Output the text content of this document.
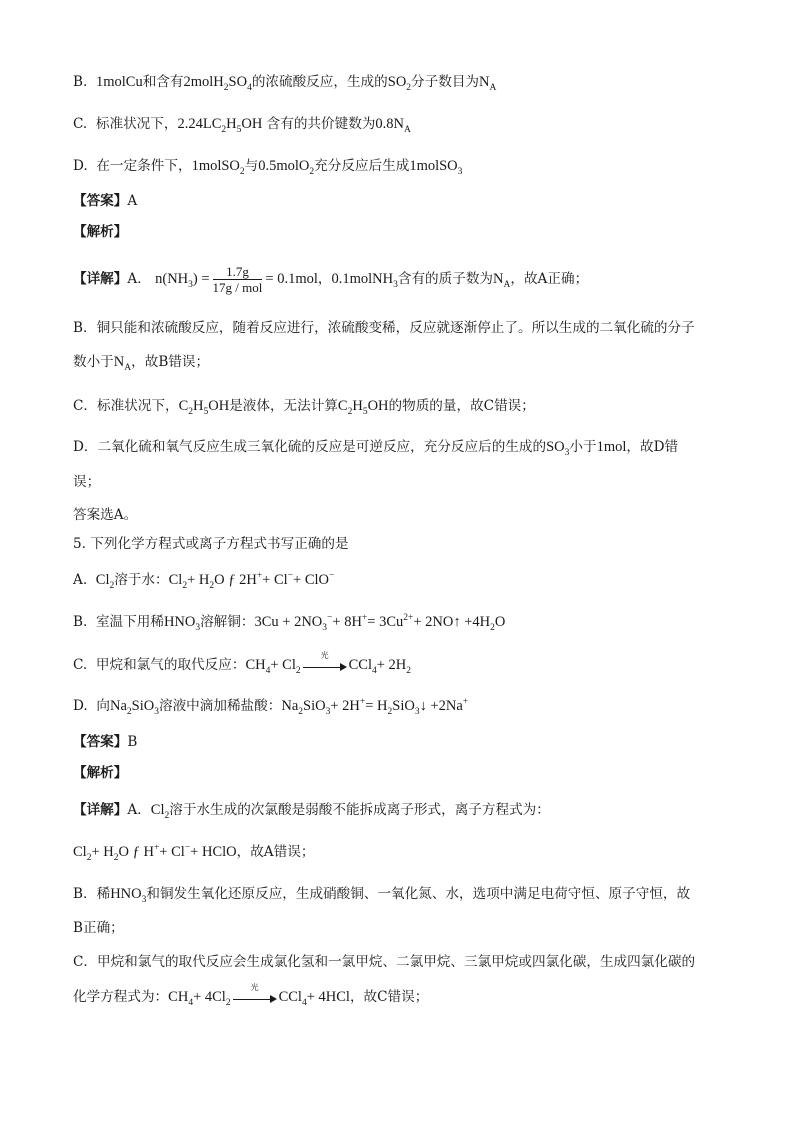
B. 1molCu和含有$2molH_2SO_4$的浓硫酸反应，生成的$SO_2$分子数目为$N_A$
C. 标准状况下，$2.24LC_2H_5OH$ 含有的共价键数为$0.8N_A$
D. 在一定条件下，1molSO$_2$与0.5molO$_2$充分反应后生成1molSO$_3$
【答案】A
【解析】
【详解】A． $n(NH_3) = \frac{1.7g}{\text{17g / mol}} = 0.1mol$，0.1molNH$_3$含有的质子数为$N_A$，故A正确；
B．铜只能和浓硫酸反应，随着反应进行，浓硫酸变稀，反应就逐渐停止了。所以生成的二氧化硫的分子
数小于$N_A$，故B错误；
C．标准状况下，$C_2H_5OH$是液体，无法计算$C_2H_5OH$的物质的量，故C错误；
D．二氧化硫和氧气反应生成三氧化硫的反应是可逆反应，充分反应后的生成的$SO_3$小于1mol，故D错
误；
答案选A。
5. 下列化学方程式或离子方程式书写正确的是
A. $Cl_2$溶于水：$Cl_2+ H_2O$ ƒ 2H++ Cl−+ ClO−
B. 室温下用稀$HNO_3$溶解铜：$3Cu + 2NO_3^-+ 8H^+= 3Cu^{2+}+$ 2NO↑ $+4H_2O$
C. 甲烷和氯气的取代反应：$CH_4+ Cl_2$
光
$CCl_4+ 2H_2$
D. 向$Na_2SiO_3$溶液中滴加稀盐酸：$Na_2SiO_3+ 2H^+=$ $H_2SiO_3↓ +2Na^+$
【答案】B
【解析】
【详解】A．$Cl_2$溶于水生成的次氯酸是弱酸不能拆成离子形式，离子方程式为：
$Cl_2+ H_2O$ ƒ H++ Cl−+ HClO，故A错误；
B．稀$HNO_3$和铜发生氧化还原反应，生成硝酸铜、一氧化氮、水，选项中满足电荷守恒、原子守恒，故
B正确；
C．甲烷和氯气的取代反应会生成氯化氢和一氯甲烷、二氯甲烷、三氯甲烷或四氯化碳，生成四氯化碳的
化学方程式为：$CH_4+ 4Cl_2$
光
CCl$_4$+ 4HCl，故C错误；
